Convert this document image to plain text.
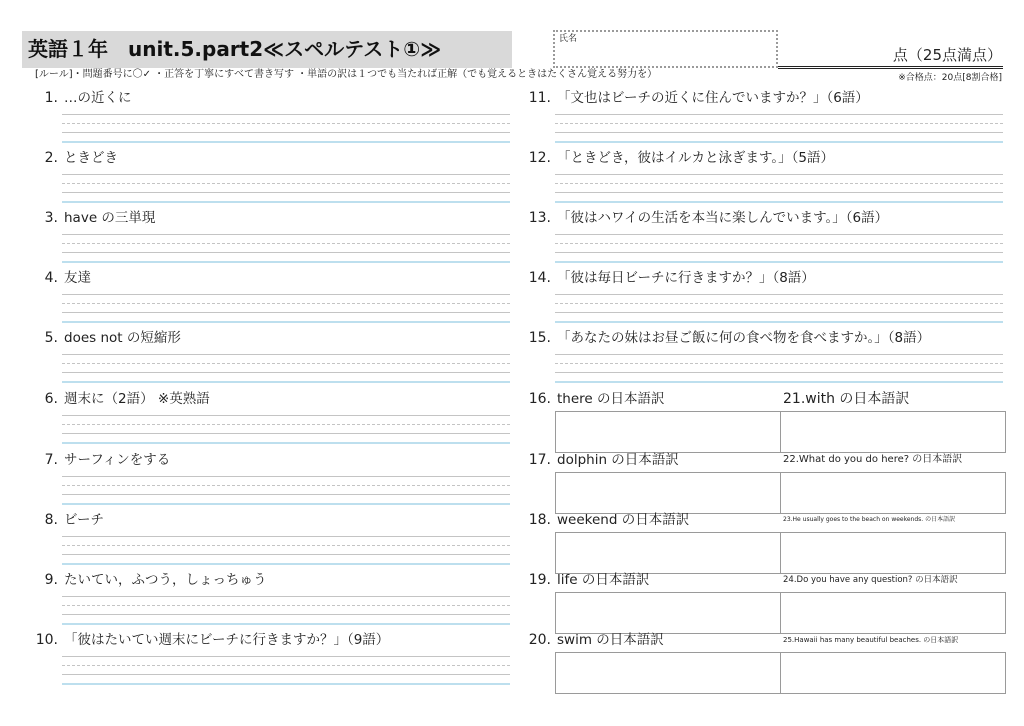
英語１年　unit.5.part2≪スペルテスト①≫	氏名
点（25点満点）
[ルール]・問題番号に〇✓ ・正答を丁寧にすべて書き写す ・単語の訳は１つでも当たれば正解（でも覚えるときはたくさん覚える努力を）	※合格点：20点[8割合格]
1. …の近くに
2. ときどき
3. have の三単現
4. 友達
5. does not の短縮形
6. 週末に（2語） ※英熟語
7. サーフィンをする
8. ビーチ
9. たいてい，ふつう，しょっちゅう
10. 「彼はたいてい週末にビーチに行きますか？」（9語）
11. 「文也はビーチの近くに住んでいますか？」（6語）
12. 「ときどき，彼はイルカと泳ぎます。」（5語）
13. 「彼はハワイの生活を本当に楽しんでいます。」（6語）
14. 「彼は毎日ビーチに行きますか？」（8語）
15. 「あなたの妹はお昼ご飯に何の食べ物を食べますか。」（8語）
16. there の日本語訳	21.with の日本語訳
17. dolphin の日本語訳	22.What do you do here? の日本語訳
18. weekend の日本語訳	23.He usually goes to the beach on weekends. の日本語訳
19. life の日本語訳	24.Do you have any question? の日本語訳
20. swim の日本語訳	25.Hawaii has many beautiful beaches. の日本語訳
